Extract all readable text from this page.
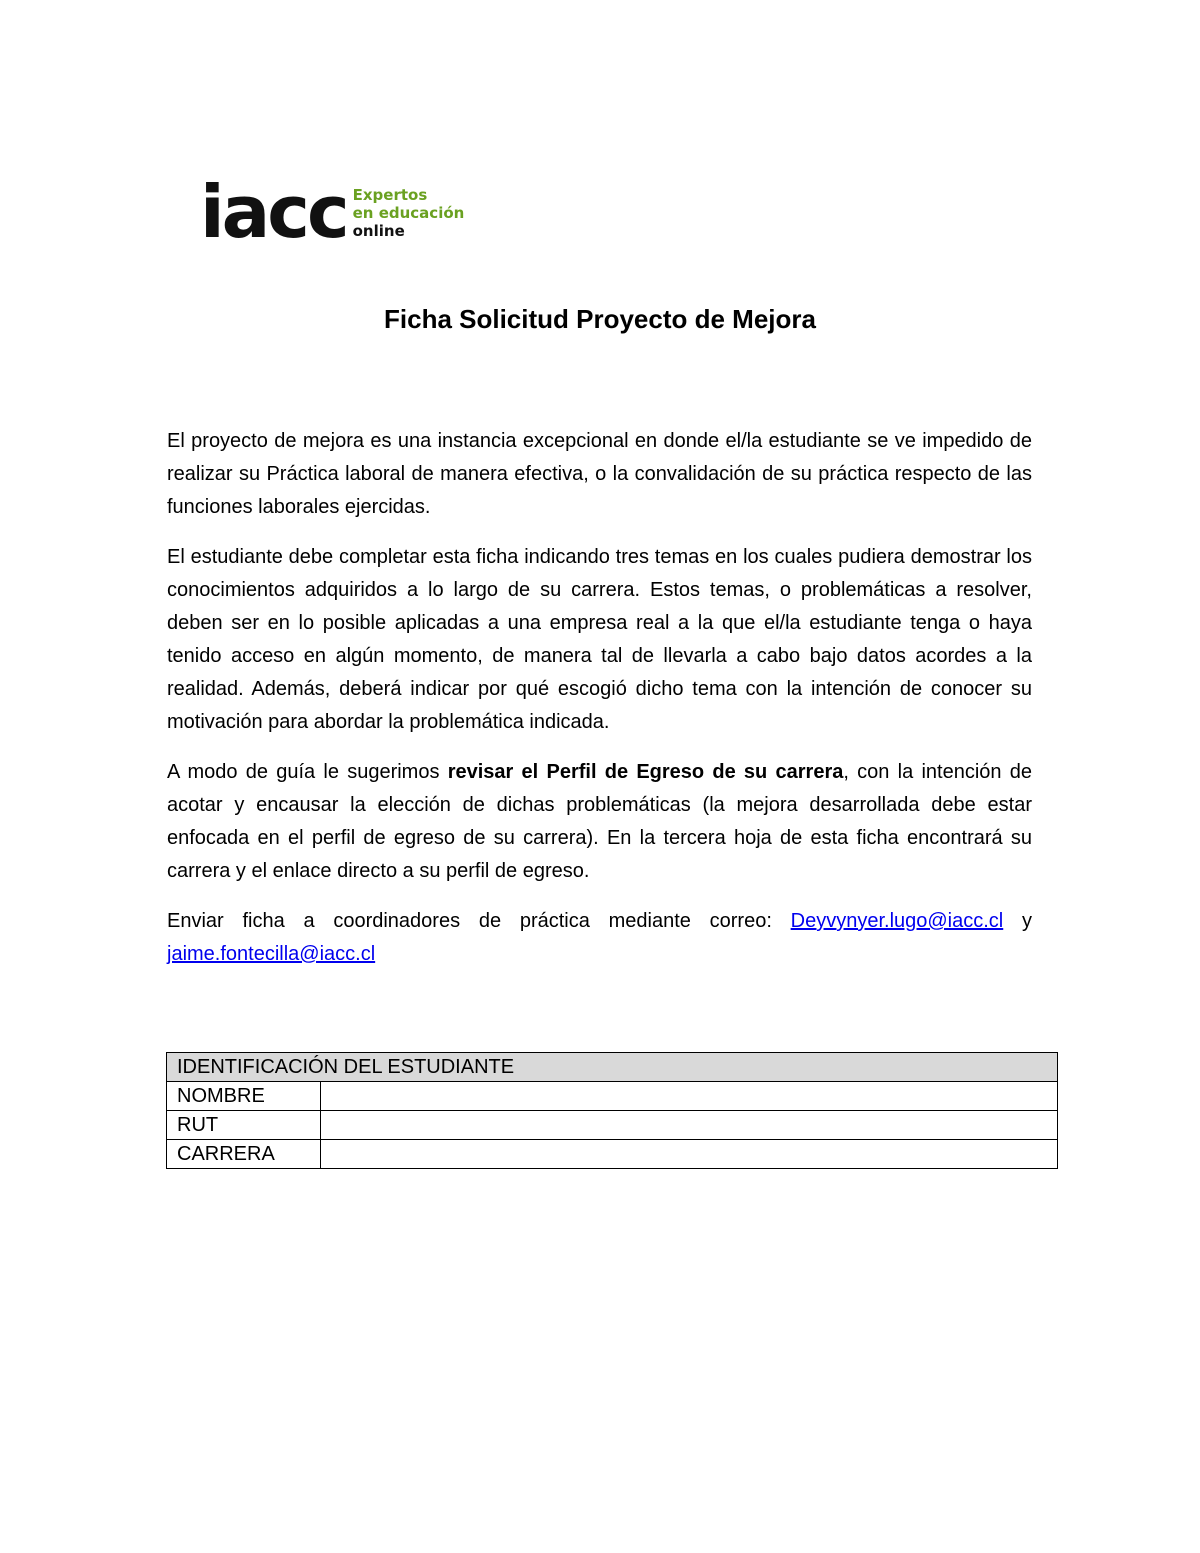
iacc Expertos
en educación
online
Ficha Solicitud Proyecto de Mejora

El proyecto de mejora es una instancia excepcional en donde el/la estudiante se ve impedido de realizar su Práctica laboral de manera efectiva, o la convalidación de su práctica respecto de las funciones laborales ejercidas.

El estudiante debe completar esta ficha indicando tres temas en los cuales pudiera demostrar los conocimientos adquiridos a lo largo de su carrera. Estos temas, o problemáticas a resolver, deben ser en lo posible aplicadas a una empresa real a la que el/la estudiante tenga o haya tenido acceso en algún momento, de manera tal de llevarla a cabo bajo datos acordes a la realidad. Además, deberá indicar por qué escogió dicho tema con la intención de conocer su motivación para abordar la problemática indicada.

A modo de guía le sugerimos revisar el Perfil de Egreso de su carrera, con la intención de acotar y encausar la elección de dichas problemáticas (la mejora desarrollada debe estar enfocada en el perfil de egreso de su carrera). En la tercera hoja de esta ficha encontrará su carrera y el enlace directo a su perfil de egreso.

Enviar ficha a coordinadores de práctica mediante correo: Deyvynyer.lugo@iacc.cl y jaime.fontecilla@iacc.cl

IDENTIFICACIÓN DEL ESTUDIANTE	
NOMBRE	
RUT	
CARRERA	
